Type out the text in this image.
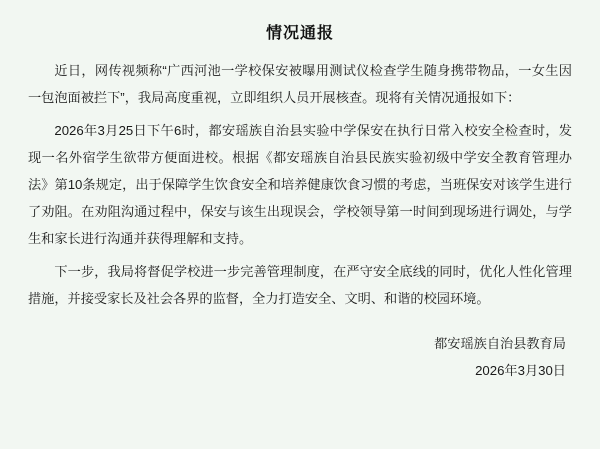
情况通报

近日，网传视频称“广西河池一学校保安被曝用测试仪检查学生随身携带物品，一女生因一包泡面被拦下”，我局高度重视，立即组织人员开展核查。现将有关情况通报如下：

2026年3月25日下午6时，都安瑶族自治县实验中学保安在执行日常入校安全检查时，发现一名外宿学生欲带方便面进校。根据《都安瑶族自治县民族实验初级中学安全教育管理办法》第10条规定，出于保障学生饮食安全和培养健康饮食习惯的考虑，当班保安对该学生进行了劝阻。在劝阻沟通过程中，保安与该生出现误会，学校领导第一时间到现场进行调处，与学生和家长进行沟通并获得理解和支持。

下一步，我局将督促学校进一步完善管理制度，在严守安全底线的同时，优化人性化管理措施，并接受家长及社会各界的监督，全力打造安全、文明、和谐的校园环境。

都安瑶族自治县教育局
2026年3月30日
